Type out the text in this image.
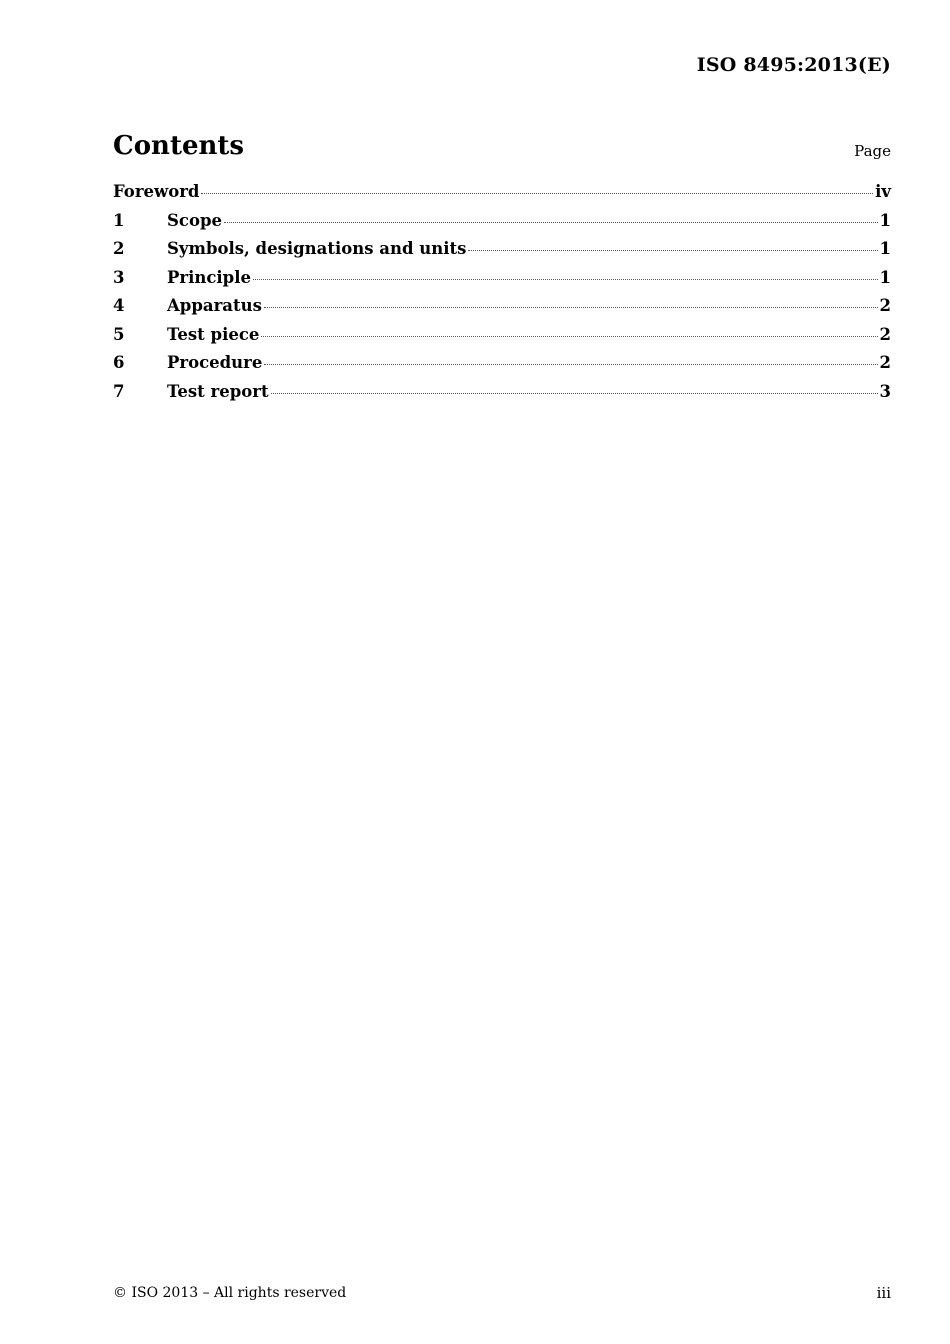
ISO 8495:2013(E)
Contents	Page
Foreword	iv
1	Scope	1
2	Symbols, designations and units	1
3	Principle	1
4	Apparatus	2
5	Test piece	2
6	Procedure	2
7	Test report	3
© ISO 2013 – All rights reserved	iii
